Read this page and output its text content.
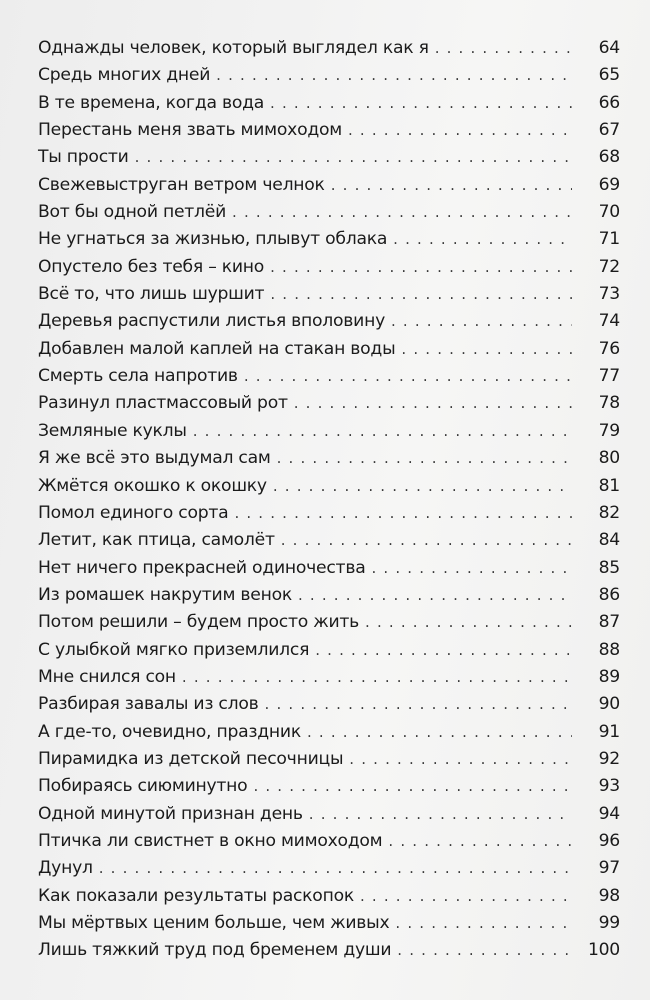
Однажды человек, который выглядел как я . . .	64
Средь многих дней . . .	65
В те времена, когда вода . . .	66
Перестань меня звать мимоходом . . .	67
Ты прости . . .	68
Свежевыструган ветром челнок . . .	69
Вот бы одной петлёй . . .	70
Не угнаться за жизнью, плывут облака . . .	71
Опустело без тебя – кино . . .	72
Всё то, что лишь шуршит . . .	73
Деревья распустили листья вполовину . . .	74
Добавлен малой каплей на стакан воды . . .	76
Смерть села напротив . . .	77
Разинул пластмассовый рот . . .	78
Земляные куклы . . .	79
Я же всё это выдумал сам . . .	80
Жмётся окошко к окошку . . .	81
Помол единого сорта . . .	82
Летит, как птица, самолёт . . .	84
Нет ничего прекрасней одиночества . . .	85
Из ромашек накрутим венок . . .	86
Потом решили – будем просто жить . . .	87
С улыбкой мягко приземлился . . .	88
Мне снился сон . . .	89
Разбирая завалы из слов . . .	90
А где-то, очевидно, праздник . . .	91
Пирамидка из детской песочницы . . .	92
Побираясь сиюминутно . . .	93
Одной минутой признан день . . .	94
Птичка ли свистнет в окно мимоходом . . .	96
Дунул . . .	97
Как показали результаты раскопок . . .	98
Мы мёртвых ценим больше, чем живых . . .	99
Лишь тяжкий труд под бременем души . . .	100
